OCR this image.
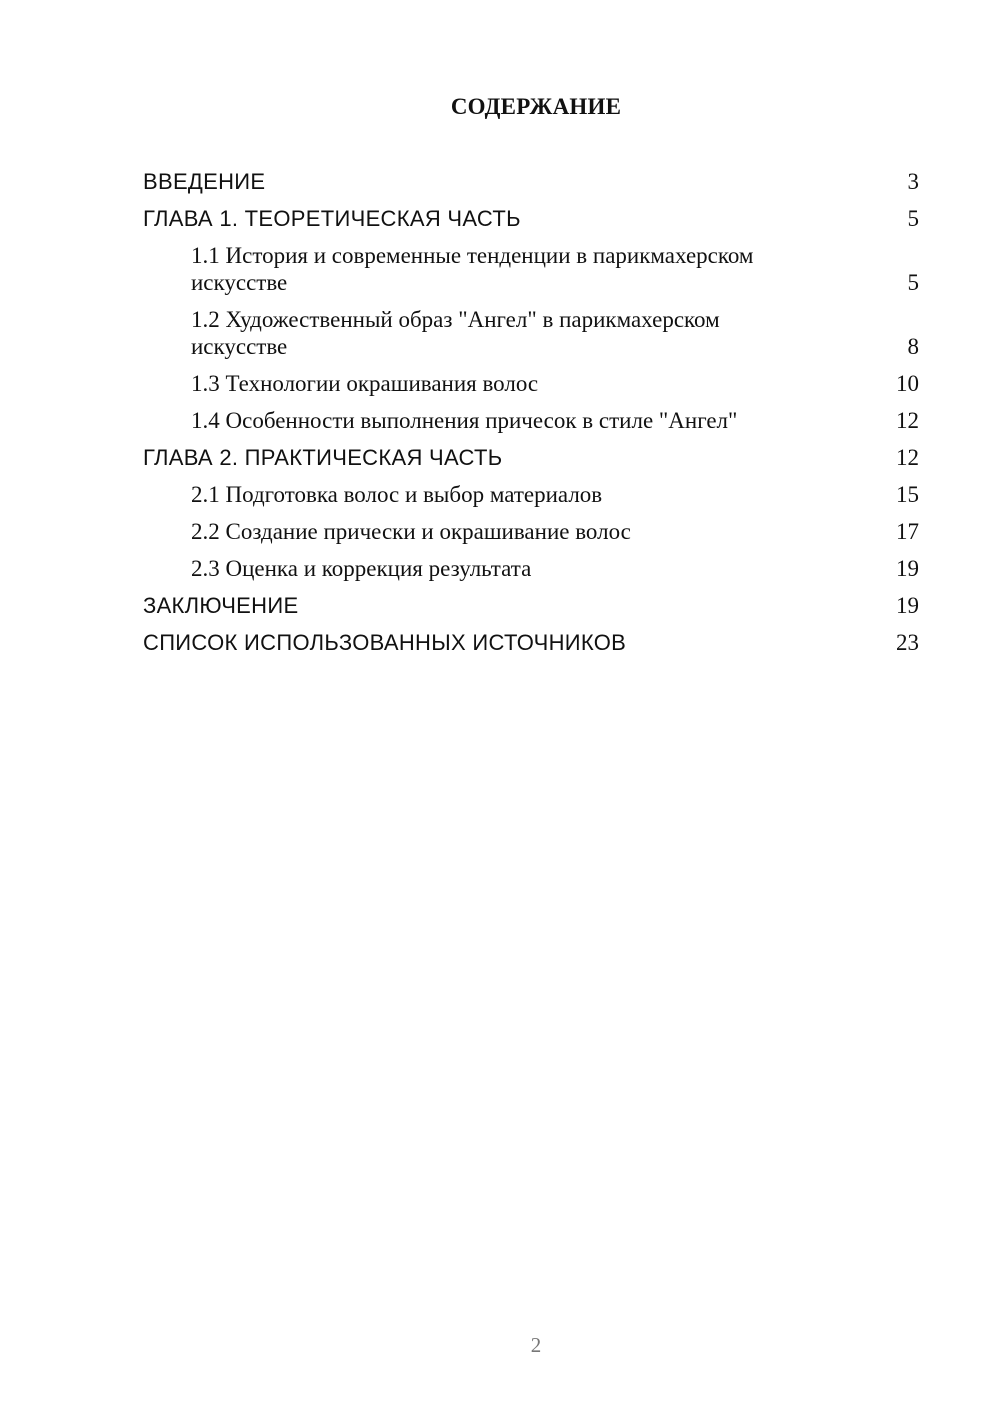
СОДЕРЖАНИЕ
ВВЕДЕНИЕ	3
ГЛАВА 1. ТЕОРЕТИЧЕСКАЯ ЧАСТЬ	5
1.1 История и современные тенденции в парикмахерском искусстве	5
1.2 Художественный образ "Ангел" в парикмахерском искусстве	8
1.3 Технологии окрашивания волос	10
1.4 Особенности выполнения причесок в стиле "Ангел"	12
ГЛАВА 2. ПРАКТИЧЕСКАЯ ЧАСТЬ	12
2.1 Подготовка волос и выбор материалов	15
2.2 Создание прически и окрашивание волос	17
2.3 Оценка и коррекция результата	19
ЗАКЛЮЧЕНИЕ	19
СПИСОК ИСПОЛЬЗОВАННЫХ ИСТОЧНИКОВ	23
2
